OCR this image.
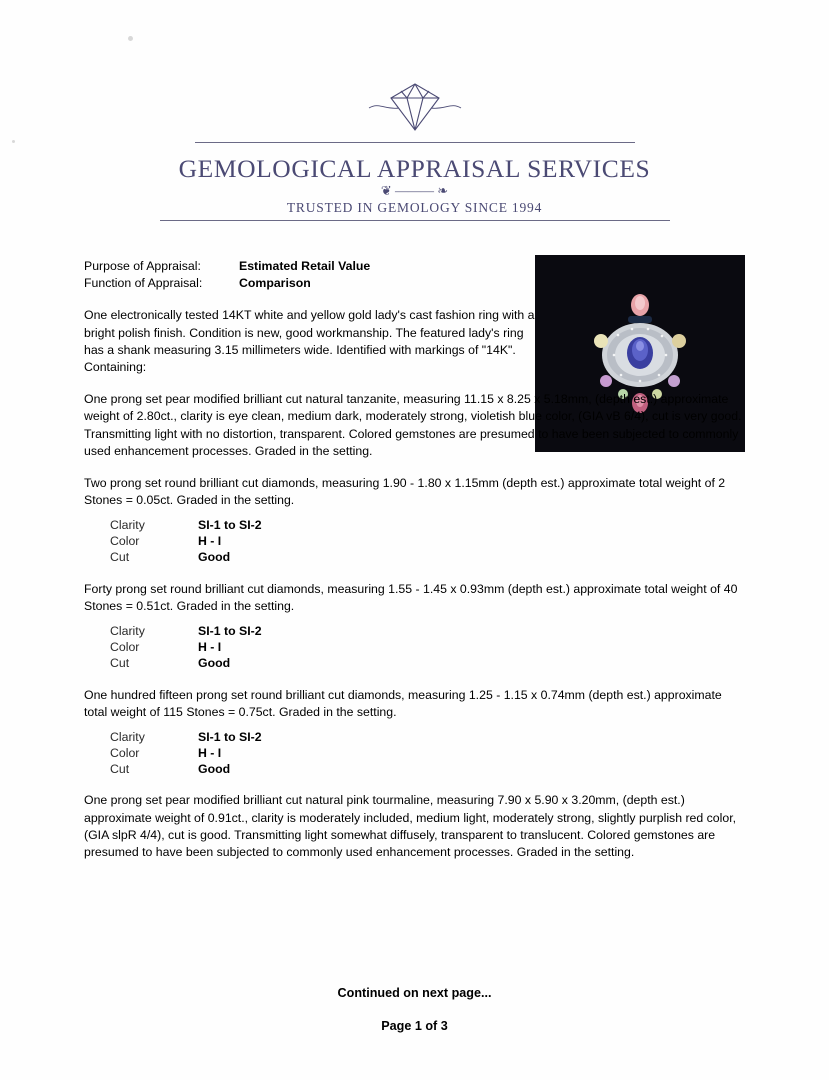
GEMOLOGICAL APPRAISAL SERVICES
❦ ——— ❧
TRUSTED IN GEMOLOGY SINCE 1994
Purpose of Appraisal:	Estimated Retail Value
Function of Appraisal:	Comparison
One electronically tested 14KT white and yellow gold lady's cast fashion ring with a bright polish finish. Condition is new, good workmanship. The featured lady's ring has a shank measuring 3.15 millimeters wide. Identified with markings of "14K". Containing:
One prong set pear modified brilliant cut natural tanzanite, measuring 11.15 x 8.25 x 5.18mm, (depth est.) approximate weight of 2.80ct., clarity is eye clean, medium dark, moderately strong, violetish blue color, (GIA vB 6/4), cut is very good. Transmitting light with no distortion, transparent. Colored gemstones are presumed to have been subjected to commonly used enhancement processes. Graded in the setting.
Two prong set round brilliant cut diamonds, measuring 1.90 - 1.80 x 1.15mm (depth est.) approximate total weight of 2 Stones = 0.05ct. Graded in the setting.
Clarity	SI-1 to SI-2
Color	H - I
Cut	Good
Forty prong set round brilliant cut diamonds, measuring 1.55 - 1.45 x 0.93mm (depth est.) approximate total weight of 40 Stones = 0.51ct. Graded in the setting.
Clarity	SI-1 to SI-2
Color	H - I
Cut	Good
One hundred fifteen prong set round brilliant cut diamonds, measuring 1.25 - 1.15 x 0.74mm (depth est.) approximate total weight of 115 Stones = 0.75ct. Graded in the setting.
Clarity	SI-1 to SI-2
Color	H - I
Cut	Good
One prong set pear modified brilliant cut natural pink tourmaline, measuring 7.90 x 5.90 x 3.20mm, (depth est.) approximate weight of 0.91ct., clarity is moderately included, medium light, moderately strong, slightly purplish red color, (GIA slpR 4/4), cut is good. Transmitting light somewhat diffusely, transparent to translucent. Colored gemstones are presumed to have been subjected to commonly used enhancement processes. Graded in the setting.
Continued on next page...
Page 1 of 3
